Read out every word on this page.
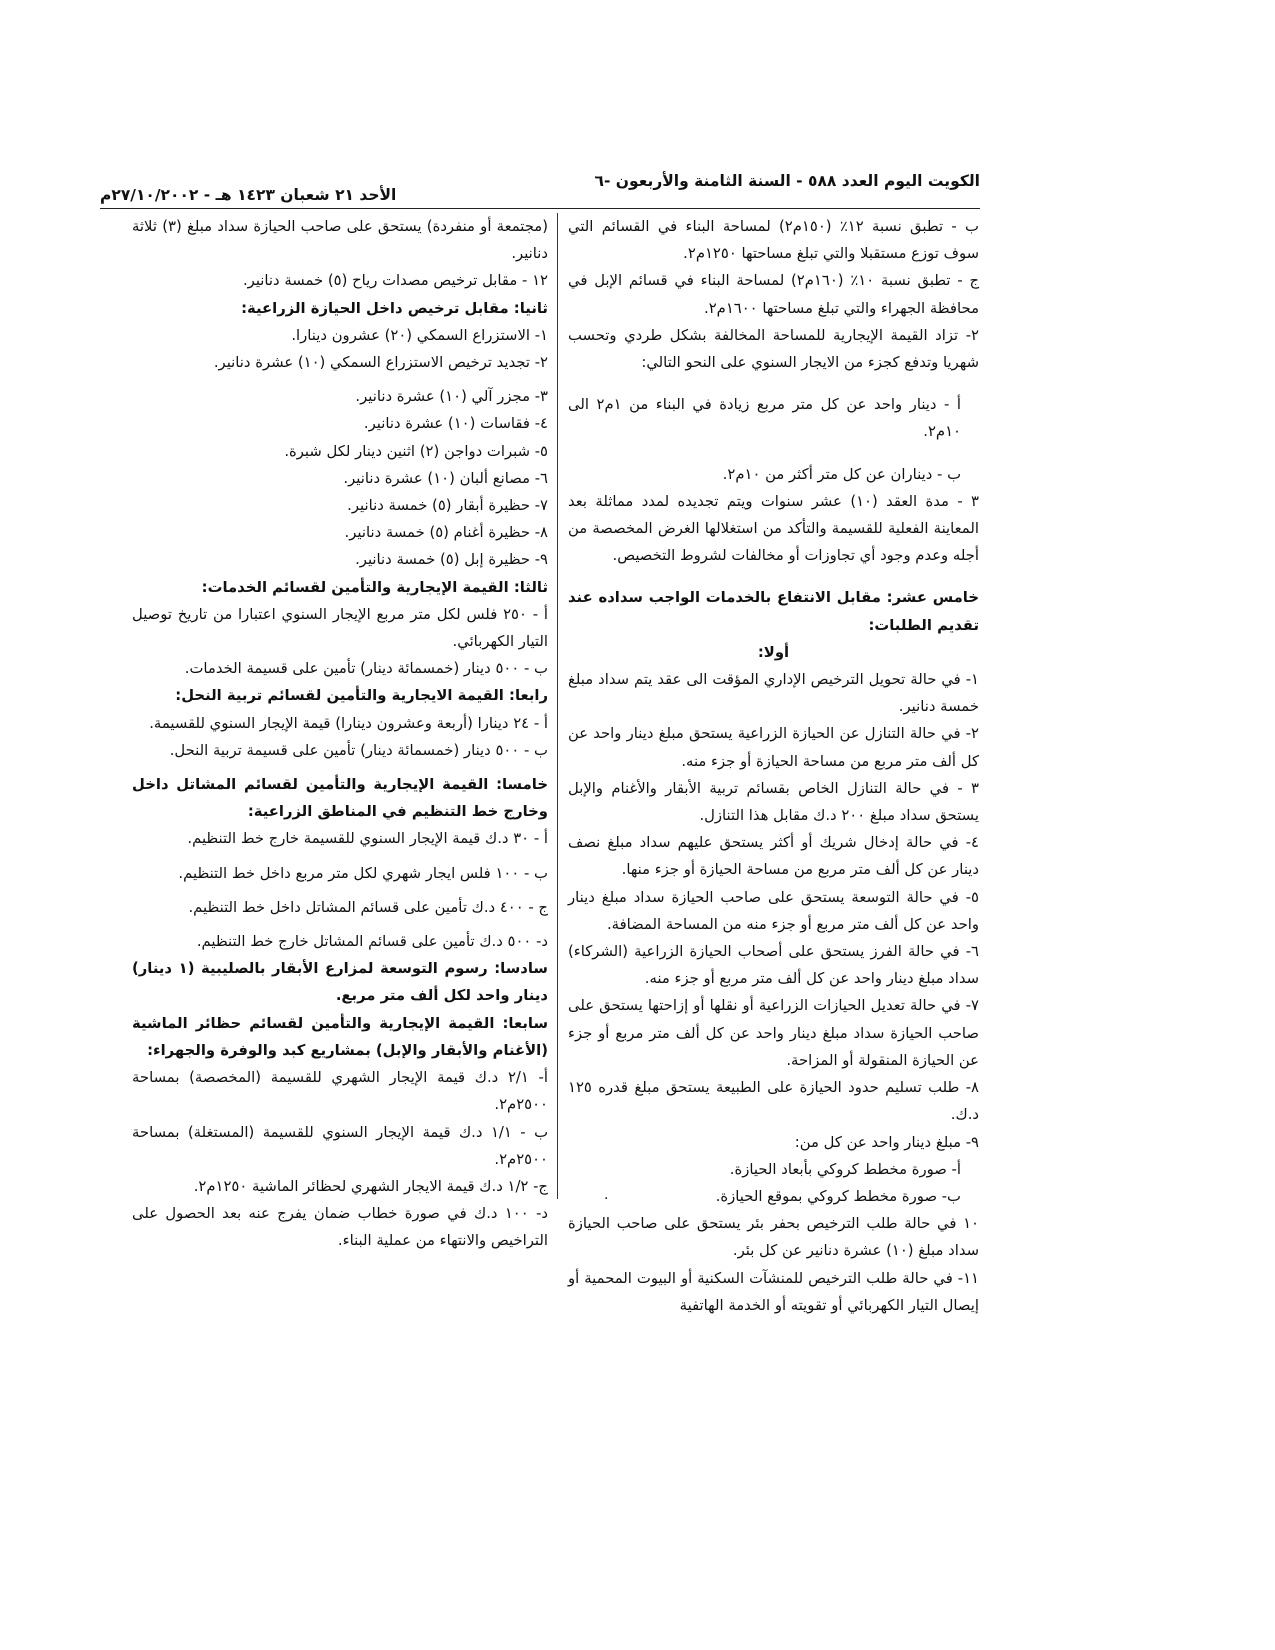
الكويت اليوم العدد ٥٨٨ - السنة الثامنة والأربعون -٦
الأحد ٢١ شعبان ١٤٢٣ هـ - ٢٧/١٠/٢٠٠٢م

ب - تطبق نسبة ١٢٪ (١٥٠م٢) لمساحة البناء في القسائم التي سوف توزع مستقبلا والتي تبلغ مساحتها ١٢٥٠م٢.

ج - تطبق نسبة ١٠٪ (١٦٠م٢) لمساحة البناء في قسائم الإبل في محافظة الجهراء والتي تبلغ مساحتها ١٦٠٠م٢.

٢- تزاد القيمة الإيجارية للمساحة المخالفة بشكل طردي وتحسب شهريا وتدفع كجزء من الايجار السنوي على النحو التالي:

أ - دينار واحد عن كل متر مربع زيادة في البناء من ١م٢ الى ١٠م٢.

ب - ديناران عن كل متر أكثر من ١٠م٢.

٣ - مدة العقد (١٠) عشر سنوات ويتم تجديده لمدد مماثلة بعد المعاينة الفعلية للقسيمة والتأكد من استغلالها الغرض المخصصة من أجله وعدم وجود أي تجاوزات أو مخالفات لشروط التخصيص.

خامس عشر: مقابل الانتفاع بالخدمات الواجب سداده عند تقديم الطلبات:

أولا:

١- في حالة تحويل الترخيص الإداري المؤقت الى عقد يتم سداد مبلغ خمسة دنانير.

٢- في حالة التنازل عن الحيازة الزراعية يستحق مبلغ دينار واحد عن كل ألف متر مربع من مساحة الحيازة أو جزء منه.

٣ - في حالة التنازل الخاص بقسائم تربية الأبقار والأغنام والإبل يستحق سداد مبلغ ٢٠٠ د.ك مقابل هذا التنازل.

٤- في حالة إدخال شريك أو أكثر يستحق عليهم سداد مبلغ نصف دينار عن كل ألف متر مربع من مساحة الحيازة أو جزء منها.

٥- في حالة التوسعة يستحق على صاحب الحيازة سداد مبلغ دينار واحد عن كل ألف متر مربع أو جزء منه من المساحة المضافة.

٦- في حالة الفرز يستحق على أصحاب الحيازة الزراعية (الشركاء) سداد مبلغ دينار واحد عن كل ألف متر مربع أو جزء منه.

٧- في حالة تعديل الحيازات الزراعية أو نقلها أو إزاحتها يستحق على صاحب الحيازة سداد مبلغ دينار واحد عن كل ألف متر مربع أو جزء عن الحيازة المنقولة أو المزاحة.

٨- طلب تسليم حدود الحيازة على الطبيعة يستحق مبلغ قدره ١٢٥ د.ك.

٩- مبلغ دينار واحد عن كل من:

أ- صورة مخطط كروكي بأبعاد الحيازة.

ب- صورة مخطط كروكي بموقع الحيازة.

١٠ في حالة طلب الترخيص بحفر بئر يستحق على صاحب الحيازة سداد مبلغ (١٠) عشرة دنانير عن كل بئر.

١١- في حالة طلب الترخيص للمنشآت السكنية أو البيوت المحمية أو إيصال التيار الكهربائي أو تقويته أو الخدمة الهاتفية

(مجتمعة أو منفردة) يستحق على صاحب الحيازة سداد مبلغ (٣) ثلاثة دنانير.

١٢ - مقابل ترخيص مصدات رياح (٥) خمسة دنانير.

ثانيا: مقابل ترخيص داخل الحيازة الزراعية:

١- الاستزراع السمكي (٢٠) عشرون دينارا.

٢- تجديد ترخيص الاستزراع السمكي (١٠) عشرة دنانير.

٣- مجزر آلي (١٠) عشرة دنانير.

٤- فقاسات (١٠) عشرة دنانير.

٥- شبرات دواجن (٢) اثنين دينار لكل شبرة.

٦- مصانع ألبان (١٠) عشرة دنانير.

٧- حظيرة أبقار (٥) خمسة دنانير.

٨- حظيرة أغنام (٥) خمسة دنانير.

٩- حظيرة إبل (٥) خمسة دنانير.

ثالثا: القيمة الإيجارية والتأمين لقسائم الخدمات:

أ - ٢٥٠ فلس لكل متر مربع الإيجار السنوي اعتبارا من تاريخ توصيل التيار الكهربائي.

ب - ٥٠٠ دينار (خمسمائة دينار) تأمين على قسيمة الخدمات.

رابعا: القيمة الايجارية والتأمين لقسائم تربية النحل:

أ - ٢٤ دينارا (أربعة وعشرون دينارا) قيمة الإيجار السنوي للقسيمة.

ب - ٥٠٠ دينار (خمسمائة دينار) تأمين على قسيمة تربية النحل.

خامسا: القيمة الإيجارية والتأمين لقسائم المشاتل داخل وخارج خط التنظيم في المناطق الزراعية:

أ - ٣٠ د.ك قيمة الإيجار السنوي للقسيمة خارج خط التنظيم.

ب - ١٠٠ فلس ايجار شهري لكل متر مربع داخل خط التنظيم.

ج - ٤٠٠ د.ك تأمين على قسائم المشاتل داخل خط التنظيم.

د- ٥٠٠ د.ك تأمين على قسائم المشاتل خارج خط التنظيم.

سادسا: رسوم التوسعة لمزارع الأبقار بالصليبية (١ دينار) دينار واحد لكل ألف متر مربع.

سابعا: القيمة الإيجارية والتأمين لقسائم حظائر الماشية (الأغنام والأبقار والإبل) بمشاريع كبد والوفرة والجهراء:

أ- ٢/١ د.ك قيمة الإيجار الشهري للقسيمة (المخصصة) بمساحة ٢٥٠٠م٢.

ب - ١/١ د.ك قيمة الإيجار السنوي للقسيمة (المستغلة) بمساحة ٢٥٠٠م٢.

ج- ١/٢ د.ك قيمة الايجار الشهري لحظائر الماشية ١٢٥٠م٢.

د- ١٠٠ د.ك في صورة خطاب ضمان يفرج عنه بعد الحصول على التراخيص والانتهاء من عملية البناء.

·
